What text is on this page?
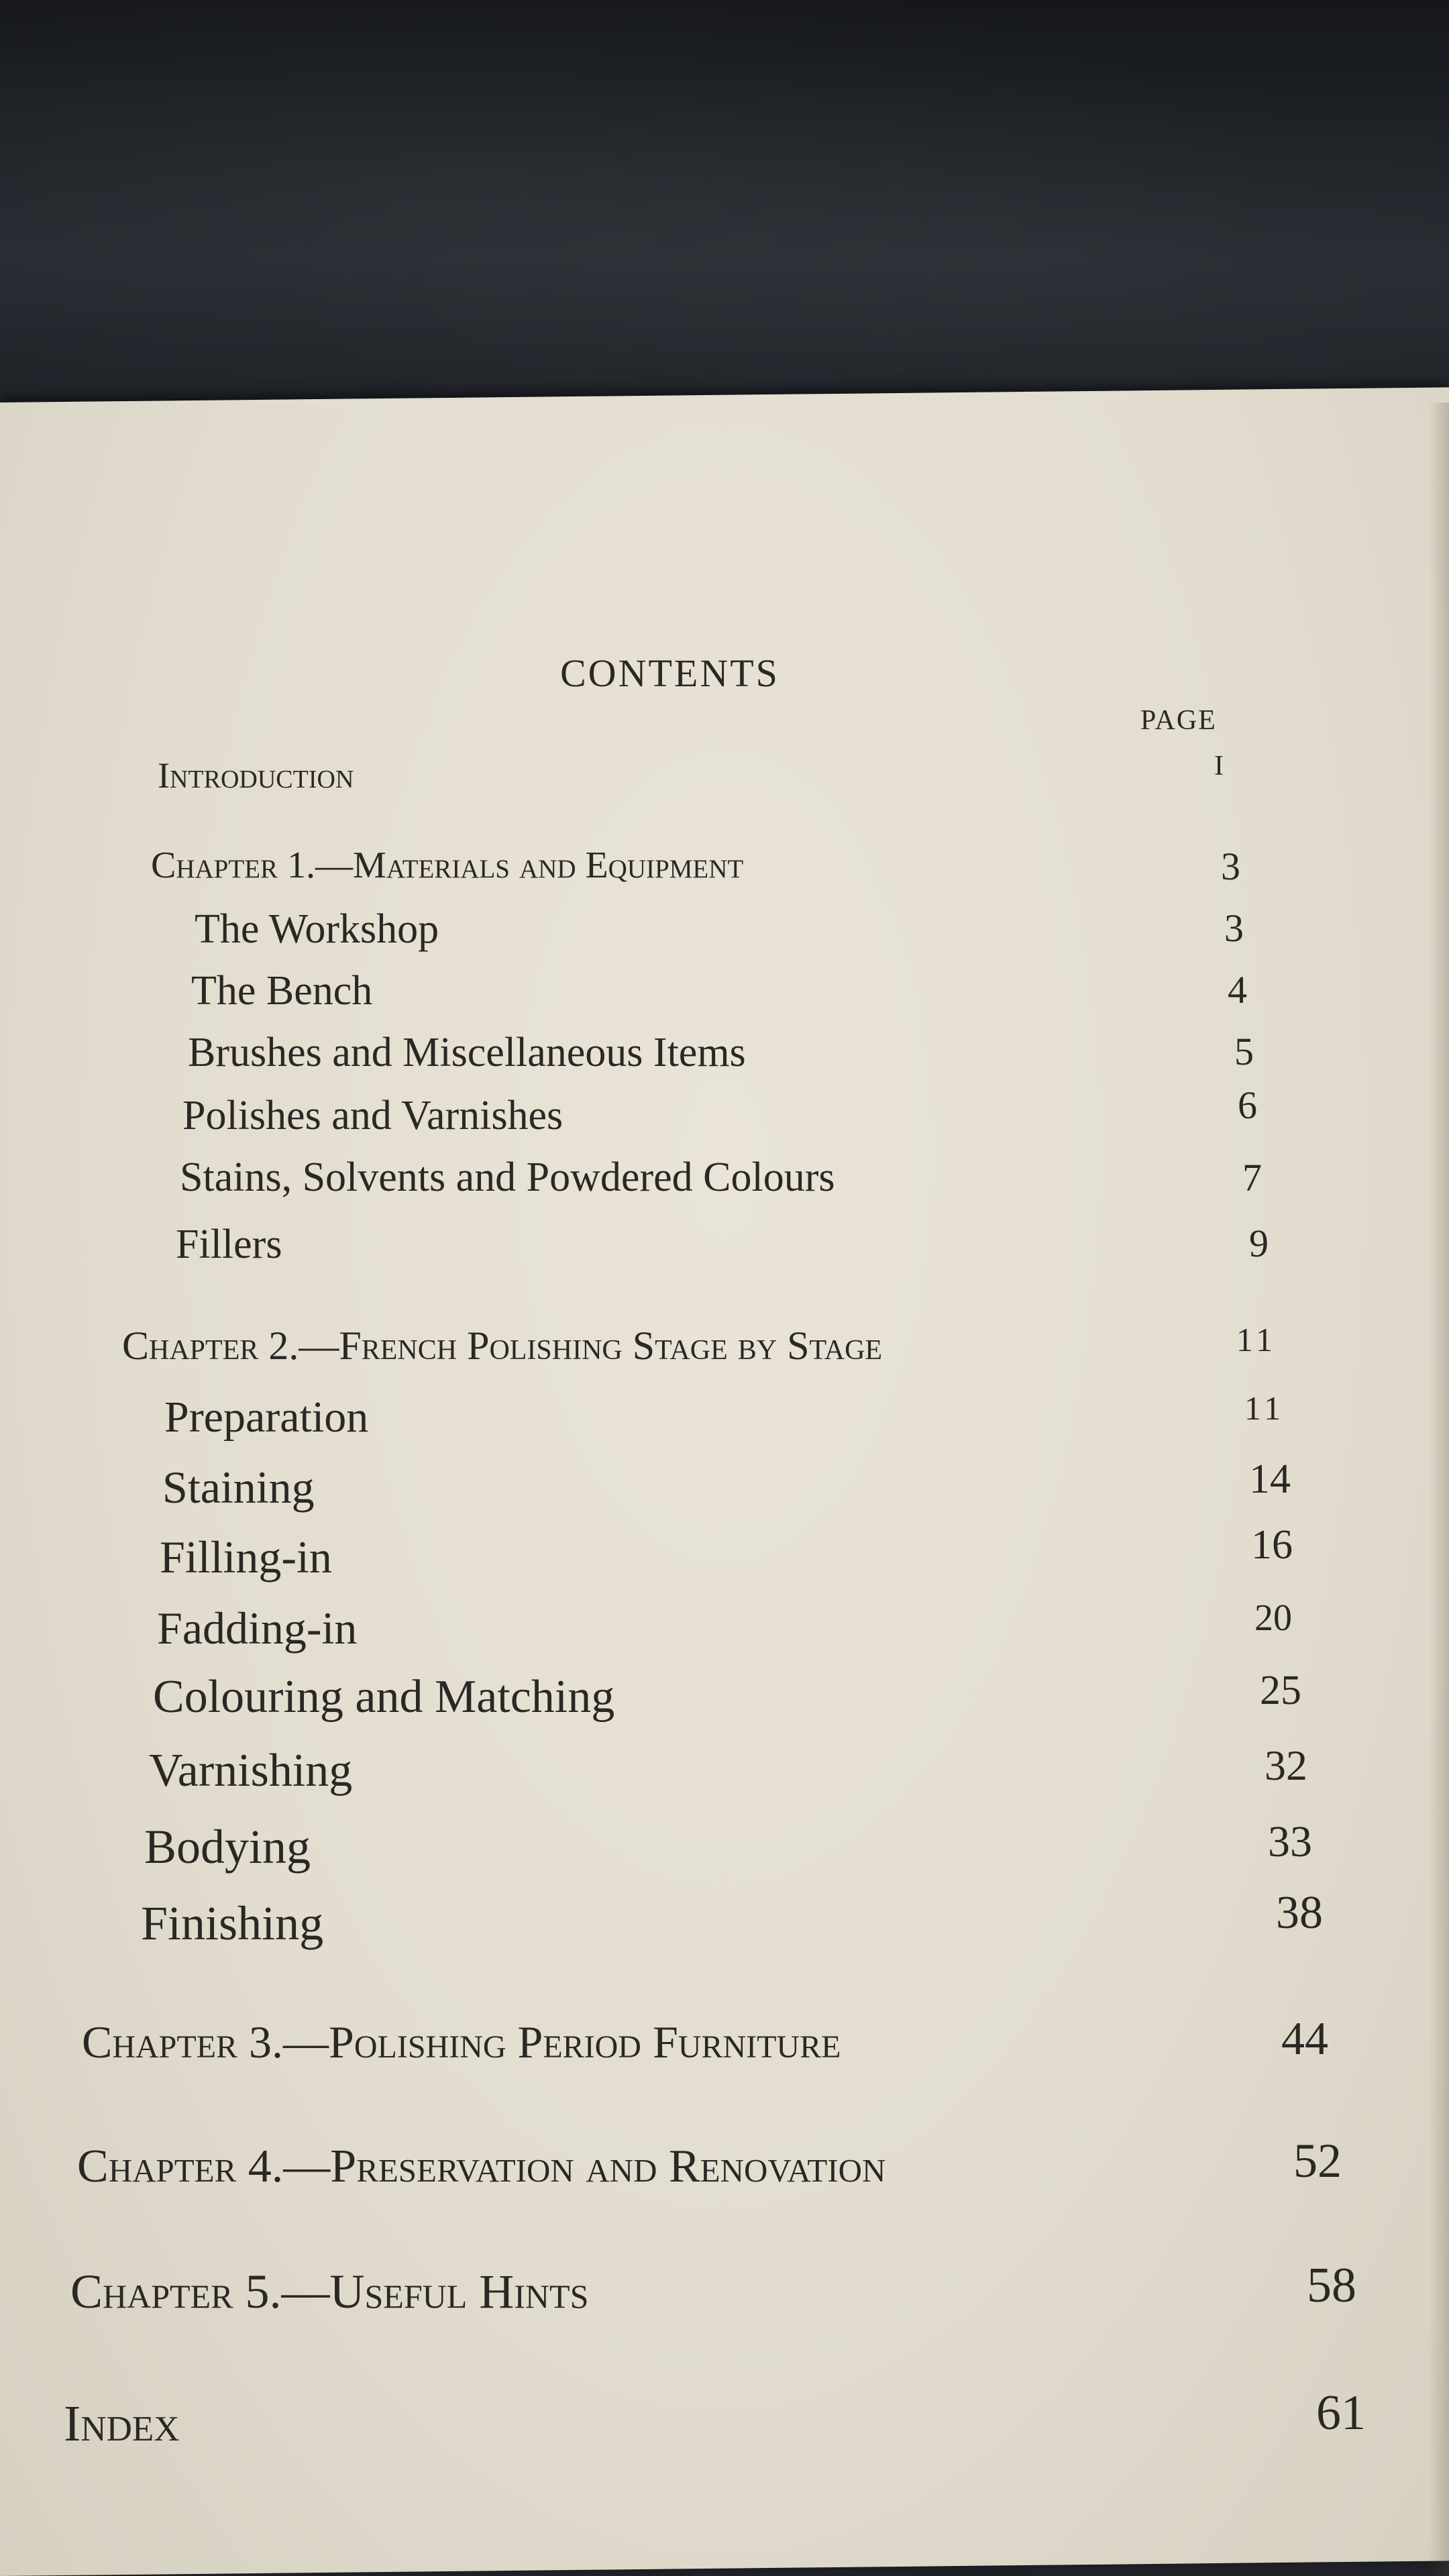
CONTENTS
PAGE
Introduction	I
Chapter 1.—Materials and Equipment	3
The Workshop	3
The Bench	4
Brushes and Miscellaneous Items	5
Polishes and Varnishes	6
Stains, Solvents and Powdered Colours	7
Fillers	9
Chapter 2.—French Polishing Stage by Stage	11
Preparation	11
Staining	14
Filling-in	16
Fadding-in	20
Colouring and Matching	25
Varnishing	32
Bodying	33
Finishing	38
Chapter 3.—Polishing Period Furniture	44
Chapter 4.—Preservation and Renovation	52
Chapter 5.—Useful Hints	58
Index	61
